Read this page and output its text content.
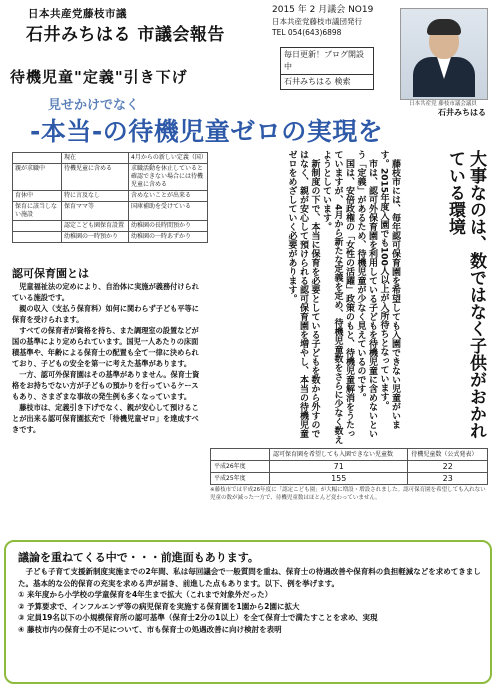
日本共産党藤枝市議
石井みちはる 市議会報告
2015 年 2 月議会 NO19
日本共産党藤枝市議団発行
TEL 054(643)6898
毎日更新！ブログ開設中
石井みちはる 検索
日本共産党 藤枝市議会議員
石井みちはる
待機児童"定義"引き下げ
見せかけでなく
-本当-の待機児童ゼロの実現を
	現在	4月からの新しい定義（国）
親が求職中	待機児童に含める	求職活動を休止していると確認できない場合には待機児童に含める
育休中	特に言及なし	含めないことが出来る
保育に該当しない施設	保育ママ等	国庫補助を受けている
	認定こども園保育設置	幼稚園の長時間預かり
	幼稚園の一時預かり	幼稚園の一時あずかり
認可保育園とは

児童福祉法の定めにより、自治体に実施が義務付けられている施設です。

親の収入（支払う保育料）如何に関わらず子ども平等に保育を受けられます。

すべての保育者が資格を持ち、また調理室の設置などが国の基準により定められています。国児一人あたりの床面積基準や、年齢による保育士の配置も全て一律に決められており、子どもの安全を第一に考えた基準があります。

一方、認可外保育園はその基準がありません。保育士資格をお持ちでない方が子どもの預かりを行っているケースもあり、さまざまな事故の発生例も多くなっています。

藤枝市は、定義引き下げでなく、親が安心して預けることが出来る認可保育園拡充で「待機児童ゼロ」を達成すべきです。

藤枝市には、毎年認可保育園を希望しても入園できない児童がいます。2015年度入園でも100人以上が入所待ちとなっています。

市は、認可外保育園を利用している子どもを待機児童に含めないという「定義」があるため、待機児童が少なく見えているのです。

国は、安倍政権の「女性の活躍」政策のもと、待機児童解消をうたっていますが、4月から新たな定義を定め、待機児童数をさらに少なく数えようとしています。

新制度の下で、本当に保育を必要としている子どもを数から外すのではなく、親が安心して預けられる認可保育園を増やし、本当の待機児童ゼロをめざしていく必要があります。	大事なのは、数ではなく子供がおかれている環境
	認可保育園を希望しても入園できない児童数	待機児童数（公式発表）
平成26年度	71	22
平成25年度	155	23
※藤枝市では平成26年度に「認定こども園」が大幅に増設・増設されました。認可保育園を希望しても入れない児童の数が減った一方で、待機児童数はほとんど変わっていません。
議論を重ねてくる中で・・・前進面もあります。
子ども子育て支援新制度実施までの2年間、私は毎回議会で一般質問を重ね、保育士の待遇改善や保育料の負担軽減などを求めてきました。基本的な公的保育の充実を求める声が届き、前進した点もあります。以下、例を挙げます。
① 来年度から小学校の学童保育を4年生まで拡大（これまで対象外だった）
② 予算要求で、インフルエンザ等の病児保育を実施する保育園を1園から2園に拡大
③ 定員19名以下の小規模保育所の認可基準（保育士2分の1以上）を全て保育士で満たすことを求め、実現
④ 藤枝市内の保育士の不足について、市も保育士の処遇改善に向け検討を表明
